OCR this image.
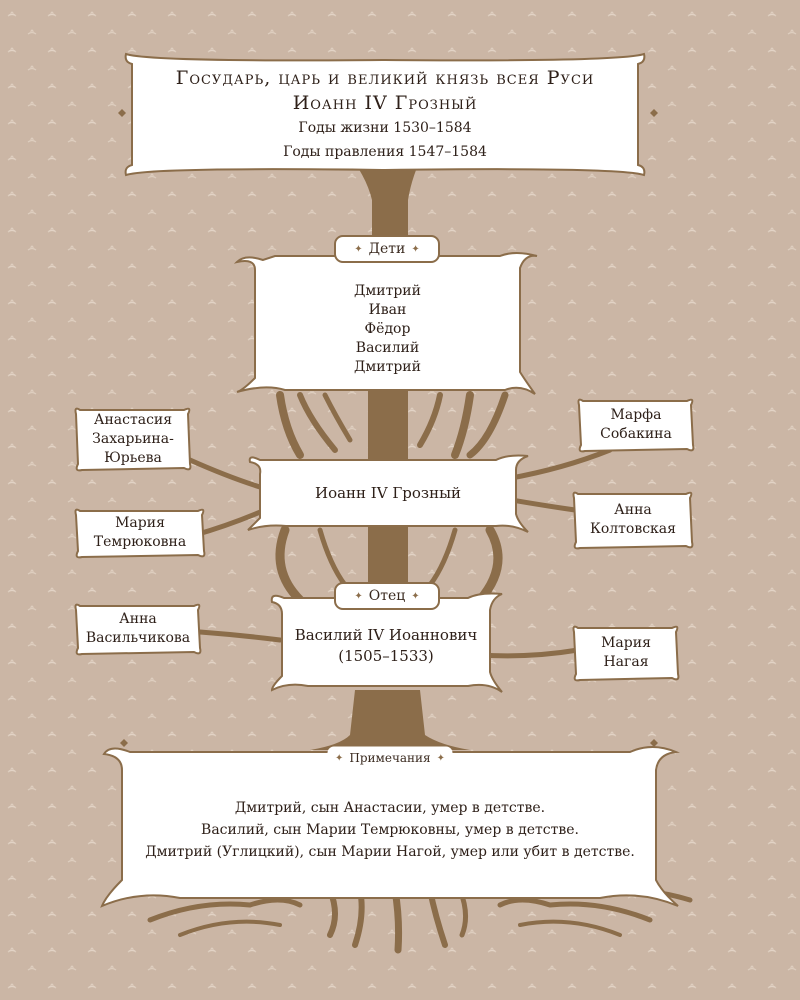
Государь, царь и великий князь всея Руси
Иоанн IV Грозный
Годы жизни 1530–1584
Годы правления 1547–1584
Дмитрий
Иван
Фёдор
Василий
Дмитрий
✦ Дети ✦
Анастасия
Захарьина-
Юрьева
Мария
Темрюковна
Марфа
Собакина
Анна
Колтовская
Иоанн IV Грозный
Василий IV Иоаннович
(1505–1533)
✦ Отец ✦
Анна
Васильчикова	Мария
Нагая
Дмитрий, сын Анастасии, умер в детстве.
Василий, сын Марии Темрюковны, умер в детстве.
Дмитрий (Углицкий), сын Марии Нагой, умер или убит в детстве.
✦ Примечания ✦
